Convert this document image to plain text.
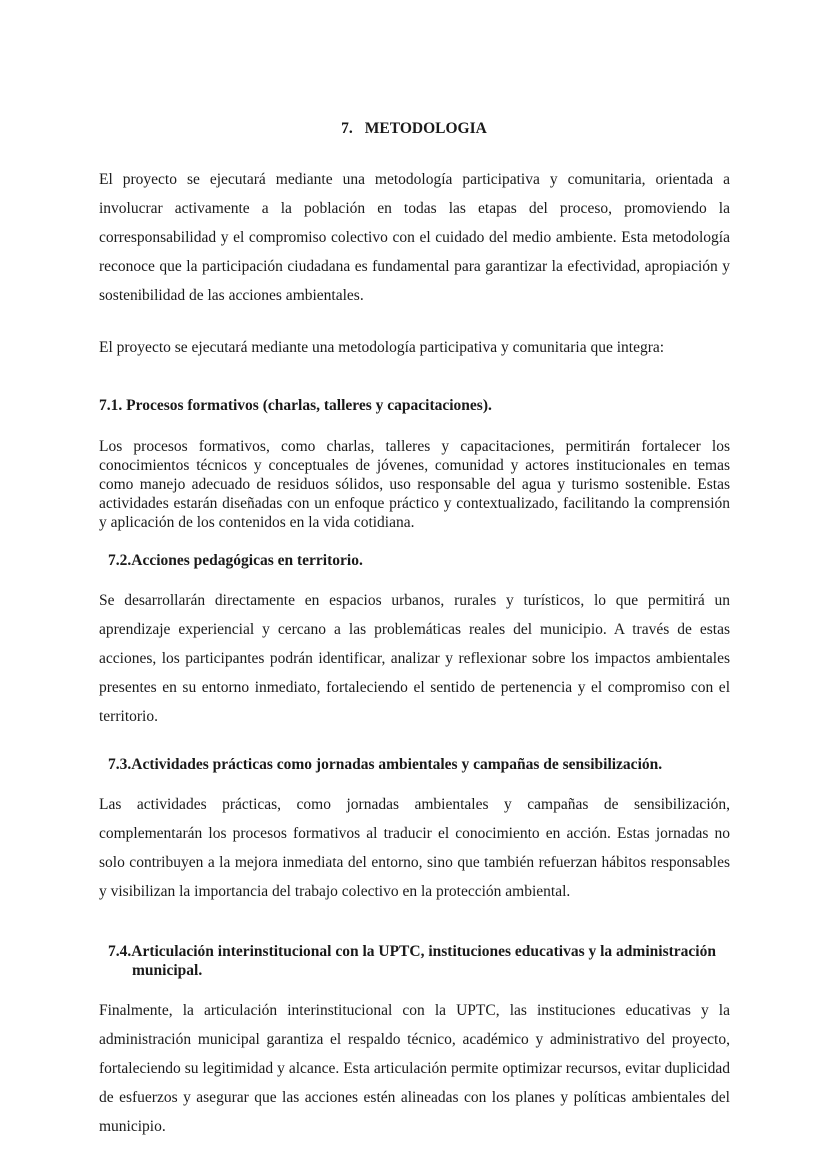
7. METODOLOGIA

El proyecto se ejecutará mediante una metodología participativa y comunitaria, orientada a involucrar activamente a la población en todas las etapas del proceso, promoviendo la corresponsabilidad y el compromiso colectivo con el cuidado del medio ambiente. Esta metodología reconoce que la participación ciudadana es fundamental para garantizar la efectividad, apropiación y sostenibilidad de las acciones ambientales.

El proyecto se ejecutará mediante una metodología participativa y comunitaria que integra:

7.1. Procesos formativos (charlas, talleres y capacitaciones).

Los procesos formativos, como charlas, talleres y capacitaciones, permitirán fortalecer los conocimientos técnicos y conceptuales de jóvenes, comunidad y actores institucionales en temas como manejo adecuado de residuos sólidos, uso responsable del agua y turismo sostenible. Estas actividades estarán diseñadas con un enfoque práctico y contextualizado, facilitando la comprensión y aplicación de los contenidos en la vida cotidiana.

7.2.Acciones pedagógicas en territorio.

Se desarrollarán directamente en espacios urbanos, rurales y turísticos, lo que permitirá un aprendizaje experiencial y cercano a las problemáticas reales del municipio. A través de estas acciones, los participantes podrán identificar, analizar y reflexionar sobre los impactos ambientales presentes en su entorno inmediato, fortaleciendo el sentido de pertenencia y el compromiso con el territorio.

7.3.Actividades prácticas como jornadas ambientales y campañas de sensibilización.

Las actividades prácticas, como jornadas ambientales y campañas de sensibilización, complementarán los procesos formativos al traducir el conocimiento en acción. Estas jornadas no solo contribuyen a la mejora inmediata del entorno, sino que también refuerzan hábitos responsables y visibilizan la importancia del trabajo colectivo en la protección ambiental.

7.4.Articulación interinstitucional con la UPTC, instituciones educativas y la administración municipal.

Finalmente, la articulación interinstitucional con la UPTC, las instituciones educativas y la administración municipal garantiza el respaldo técnico, académico y administrativo del proyecto, fortaleciendo su legitimidad y alcance. Esta articulación permite optimizar recursos, evitar duplicidad de esfuerzos y asegurar que las acciones estén alineadas con los planes y políticas ambientales del municipio.
